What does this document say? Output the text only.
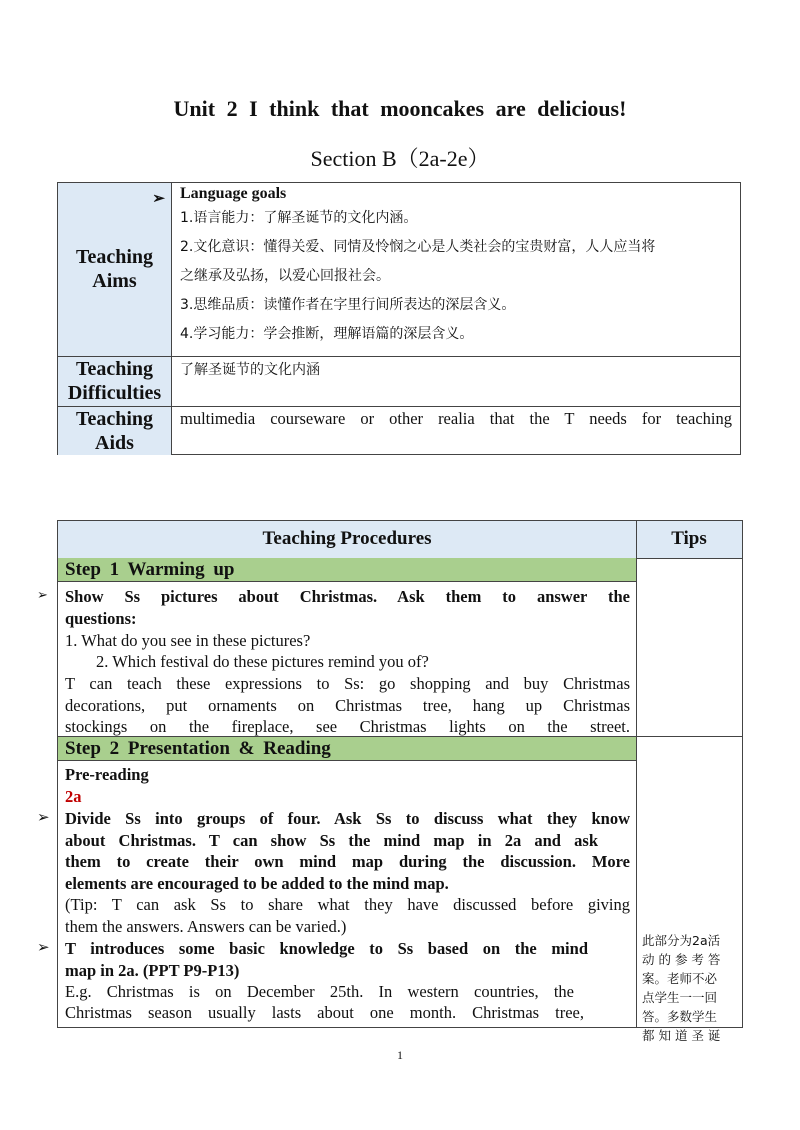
Unit 2 I think that mooncakes are delicious!
Section B（2a-2e）
➢
Teaching
Aims
Language goals
1.语言能力：了解圣诞节的文化内涵。
2.文化意识：懂得关爱、同情及怜悯之心是人类社会的宝贵财富，人人应当将
之继承及弘扬，以爱心回报社会。
3.思维品质：读懂作者在字里行间所表达的深层含义。
4.学习能力：学会推断，理解语篇的深层含义。
Teaching
Difficulties
了解圣诞节的文化内涵
Teaching
Aids
multimedia courseware or other realia that the T needs for teaching
Teaching Procedures	Tips
Step 1 Warming up
Show Ss pictures about Christmas. Ask them to answer the
questions:
1. What do you see in these pictures?
2. Which festival do these pictures remind you of?
T can teach these expressions to Ss: go shopping and buy Christmas
decorations, put ornaments on Christmas tree, hang up Christmas
stockings on the fireplace, see Christmas lights on the street.
Step 2 Presentation & Reading
Pre-reading
2a
Divide Ss into groups of four. Ask Ss to discuss what they know
about Christmas. T can show Ss the mind map in 2a and ask
them to create their own mind map during the discussion. More
elements are encouraged to be added to the mind map.
(Tip: T can ask Ss to share what they have discussed before giving
them the answers. Answers can be varied.)
T introduces some basic knowledge to Ss based on the mind
map in 2a. (PPT P9-P13)
E.g. Christmas is on December 25th. In western countries, the
Christmas season usually lasts about one month. Christmas tree,
此部分为2a活
动 的 参 考 答
案。老师不必
点学生一一回
答。多数学生
都 知 道 圣 诞
➢
➢
➢
1
